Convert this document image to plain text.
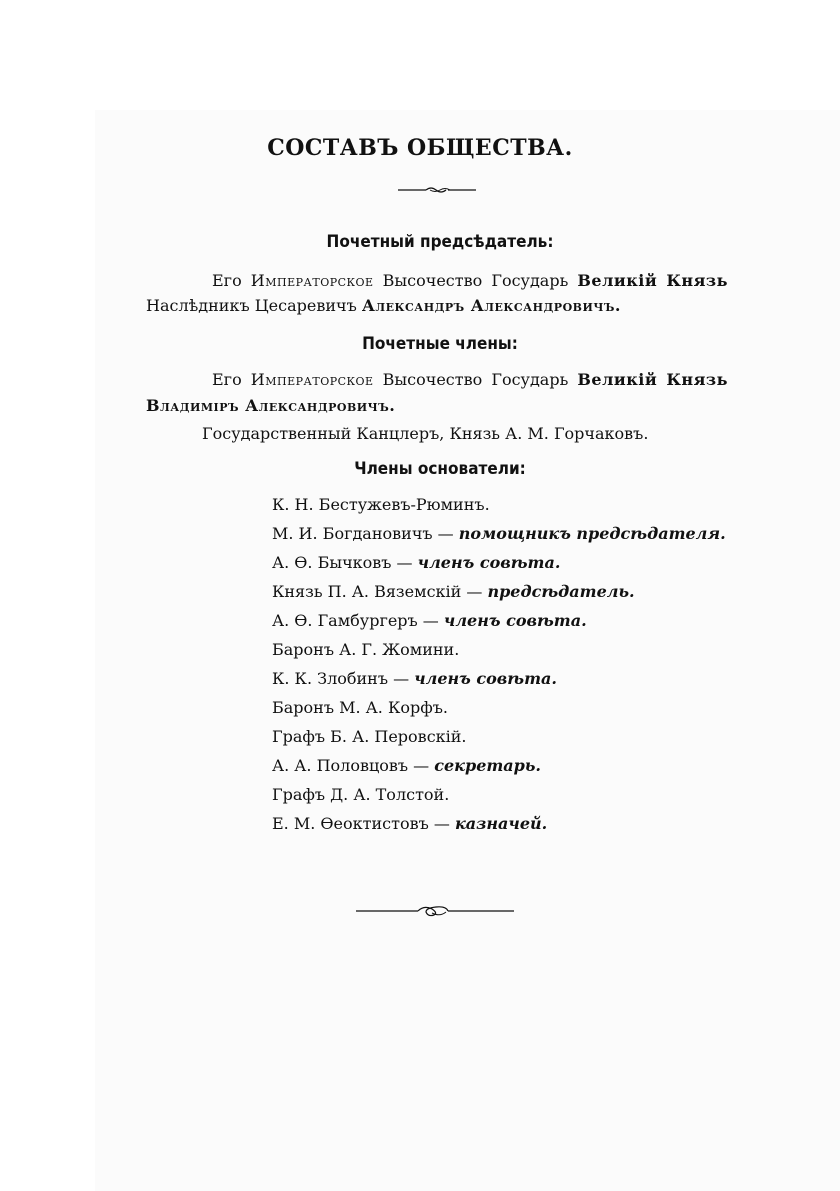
СОСТАВЪ ОБЩЕСТВА.
Почетный предсѣдатель:
Его Императорское Высочество Государь Великій Князь
Наслѣдникъ Цесаревичъ Александръ Александровичъ.
Почетные члены:
Его Императорское Высочество Государь Великій Князь
Владиміръ Александровичъ.
Государственный Канцлеръ, Князь А. М. Горчаковъ.
Члены основатели:
К. Н. Бестужевъ-Рюминъ.
М. И. Богдановичъ — помощникъ предсѣдателя.
А. Ѳ. Бычковъ — членъ совѣта.
Князь П. А. Вяземскій — предсѣдатель.
А. Ѳ. Гамбургеръ — членъ совѣта.
Баронъ А. Г. Жомини.
К. К. Злобинъ — членъ совѣта.
Баронъ М. А. Корфъ.
Графъ Б. А. Перовскій.
А. А. Половцовъ — секретарь.
Графъ Д. А. Толстой.
Е. М. Ѳеоктистовъ — казначей.
